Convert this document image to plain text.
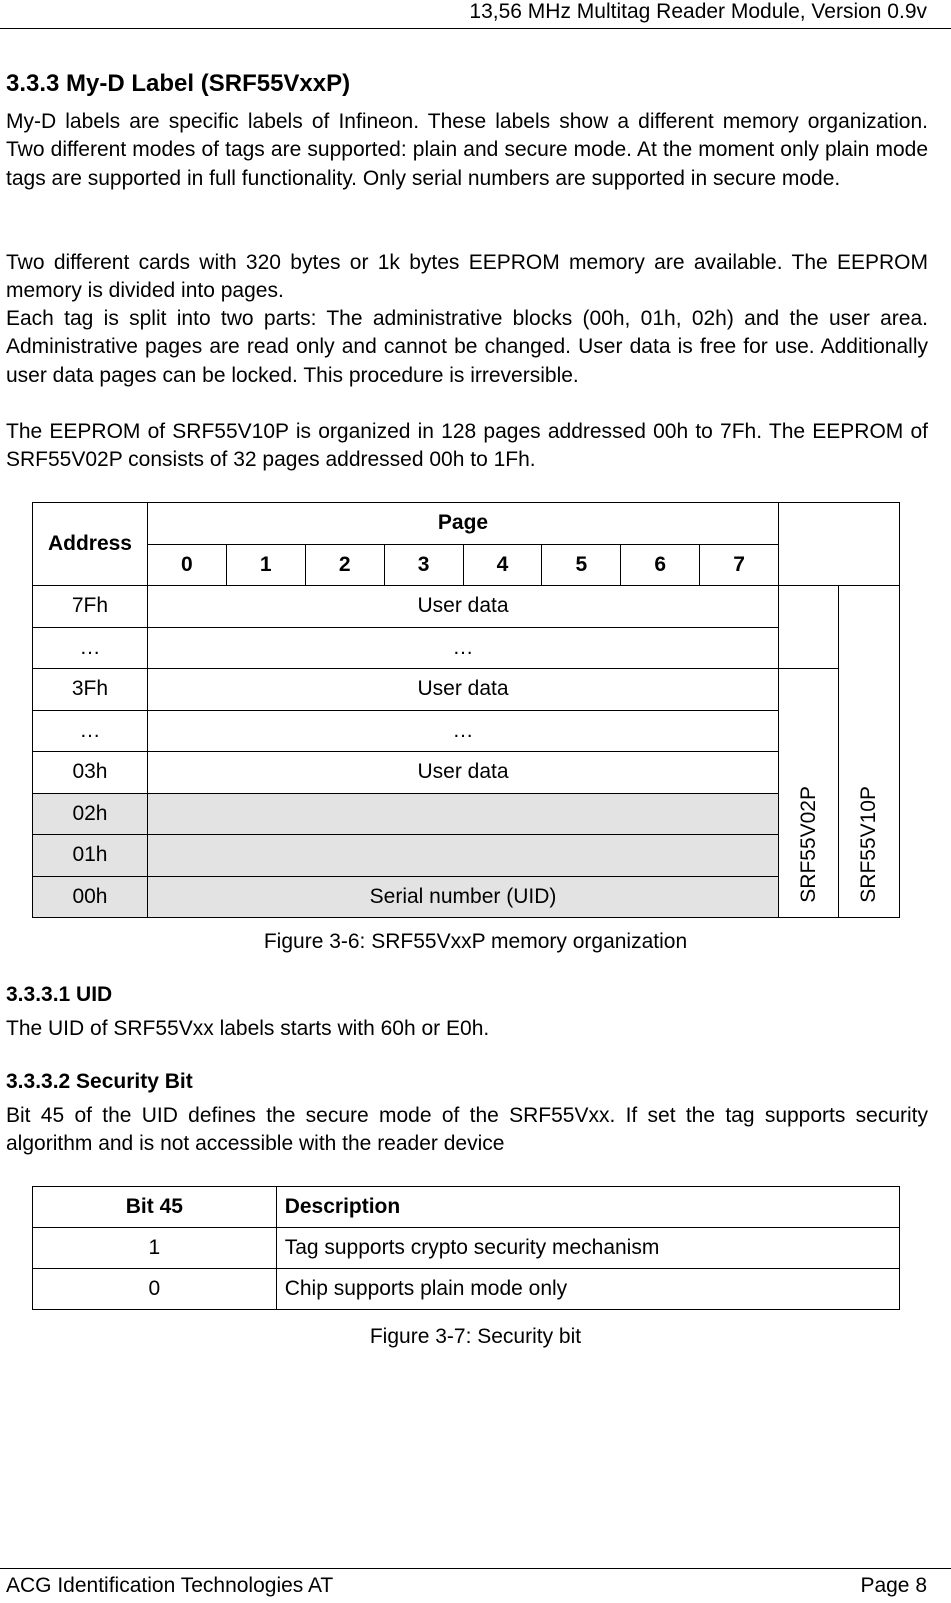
13,56 MHz Multitag Reader Module, Version 0.9v
3.3.3 My-D Label (SRF55VxxP)

My-D labels are specific labels of Infineon. These labels show a different memory organization. Two different modes of tags are supported: plain and secure mode. At the moment only plain mode tags are supported in full functionality. Only serial numbers are supported in secure mode.

Two different cards with 320 bytes or 1k bytes EEPROM memory are available. The EEPROM memory is divided into pages.

Each tag is split into two parts: The administrative blocks (00h, 01h, 02h) and the user area. Administrative pages are read only and cannot be changed. User data is free for use. Additionally user data pages can be locked. This procedure is irreversible.

The EEPROM of SRF55V10P is organized in 128 pages addressed 00h to 7Fh. The EEPROM of SRF55V02P consists of 32 pages addressed 00h to 1Fh.

Address	Page									
	0	1	2	3	4	5	6	7		
7Fh	User data									SRF55V10P
…	…									
3Fh	User data								SRF55V02P	
…	…									
03h	User data									
02h										
01h										
00h	Serial number (UID)									
Figure 3-6: SRF55VxxP memory organization
3.3.3.1 UID

The UID of SRF55Vxx labels starts with 60h or E0h.

3.3.3.2 Security Bit

Bit 45 of the UID defines the secure mode of the SRF55Vxx. If set the tag supports security algorithm and is not accessible with the reader device

Bit 45	Description
1	Tag supports crypto security mechanism
0	Chip supports plain mode only
Figure 3-7: Security bit
ACG Identification Technologies AT	Page 8
